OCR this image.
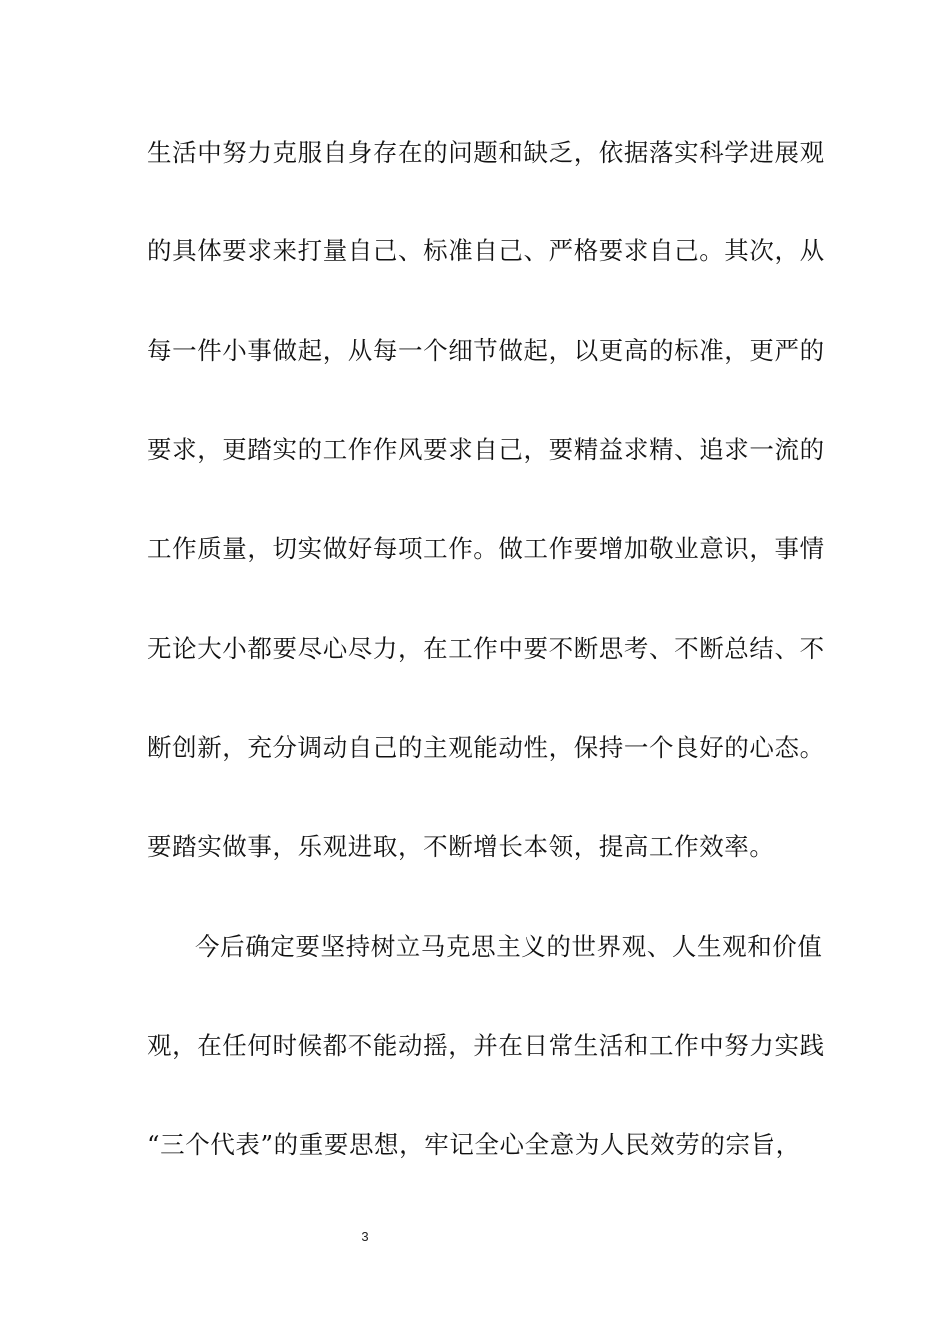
生活中努力克服自身存在的问题和缺乏，依据落实科学进展观
的具体要求来打量自己、标准自己、严格要求自己。其次，从
每一件小事做起，从每一个细节做起，以更高的标准，更严的
要求，更踏实的工作作风要求自己，要精益求精、追求一流的
工作质量，切实做好每项工作。做工作要增加敬业意识，事情
无论大小都要尽心尽力，在工作中要不断思考、不断总结、不
断创新，充分调动自己的主观能动性，保持一个良好的心态。
要踏实做事，乐观进取，不断增长本领，提高工作效率。
今后确定要坚持树立马克思主义的世界观、人生观和价值
观，在任何时候都不能动摇，并在日常生活和工作中努力实践
“三个代表”的重要思想，牢记全心全意为人民效劳的宗旨，
3
